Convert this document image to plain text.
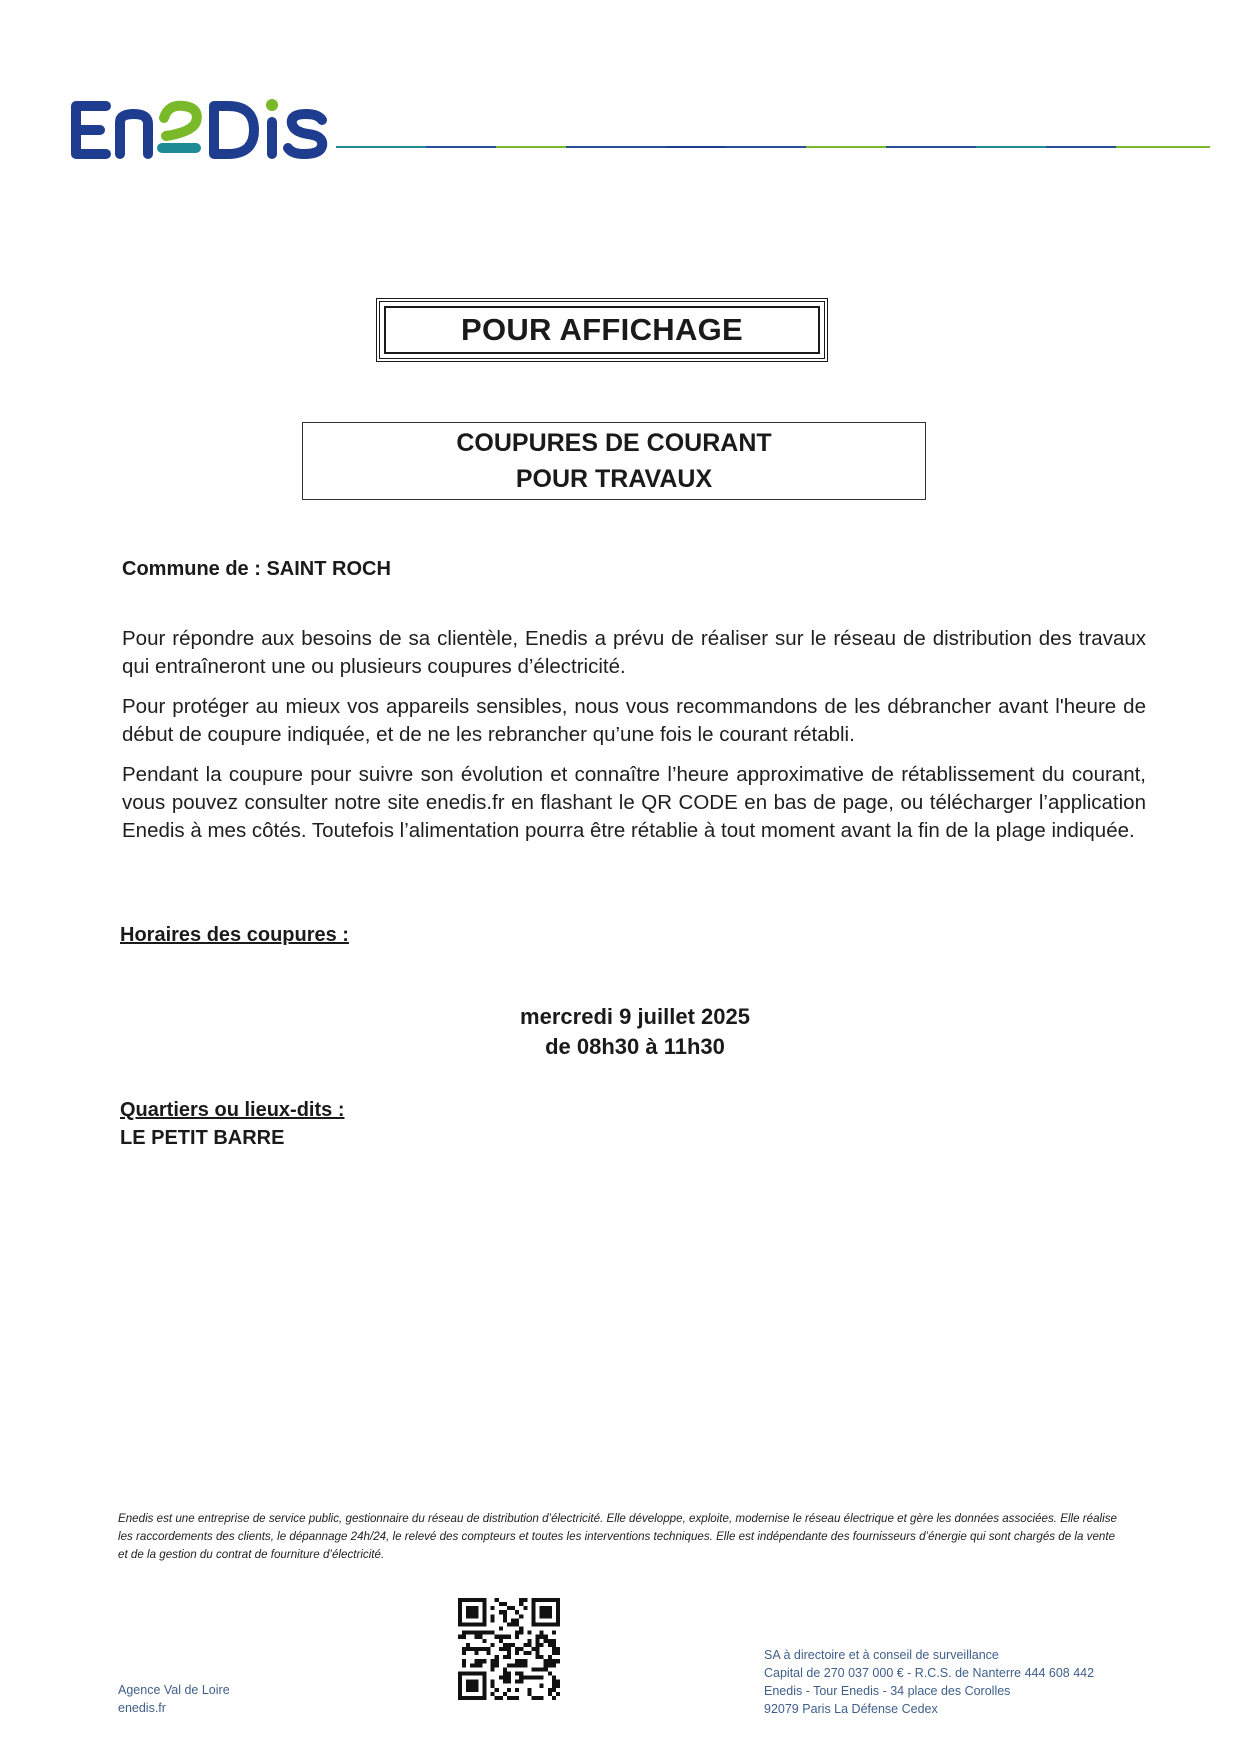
POUR AFFICHAGE
COUPURES DE COURANT
POUR TRAVAUX
Commune de : SAINT ROCH
Pour répondre aux besoins de sa clientèle, Enedis a prévu de réaliser sur le réseau de distribution des travaux qui entraîneront une ou plusieurs coupures d’électricité.
Pour protéger au mieux vos appareils sensibles, nous vous recommandons de les débrancher avant l'heure de début de coupure indiquée, et de ne les rebrancher qu’une fois le courant rétabli.
Pendant la coupure pour suivre son évolution et connaître l’heure approximative de rétablissement du courant, vous pouvez consulter notre site enedis.fr en flashant le QR CODE en bas de page, ou télécharger l’application Enedis à mes côtés. Toutefois l’alimentation pourra être rétablie à tout moment avant la fin de la plage indiquée.
Horaires des coupures :
mercredi 9 juillet 2025
de 08h30 à 11h30
Quartiers ou lieux-dits :
LE PETIT BARRE
Enedis est une entreprise de service public, gestionnaire du réseau de distribution d’électricité. Elle développe, exploite, modernise le réseau électrique et gère les données associées. Elle réalise les raccordements des clients, le dépannage 24h/24, le relevé des compteurs et toutes les interventions techniques. Elle est indépendante des fournisseurs d’énergie qui sont chargés de la vente et de la gestion du contrat de fourniture d’électricité.
Agence Val de Loire
enedis.fr
SA à directoire et à conseil de surveillance
Capital de 270 037 000 € - R.C.S. de Nanterre 444 608 442
Enedis - Tour Enedis - 34 place des Corolles
92079 Paris La Défense Cedex
